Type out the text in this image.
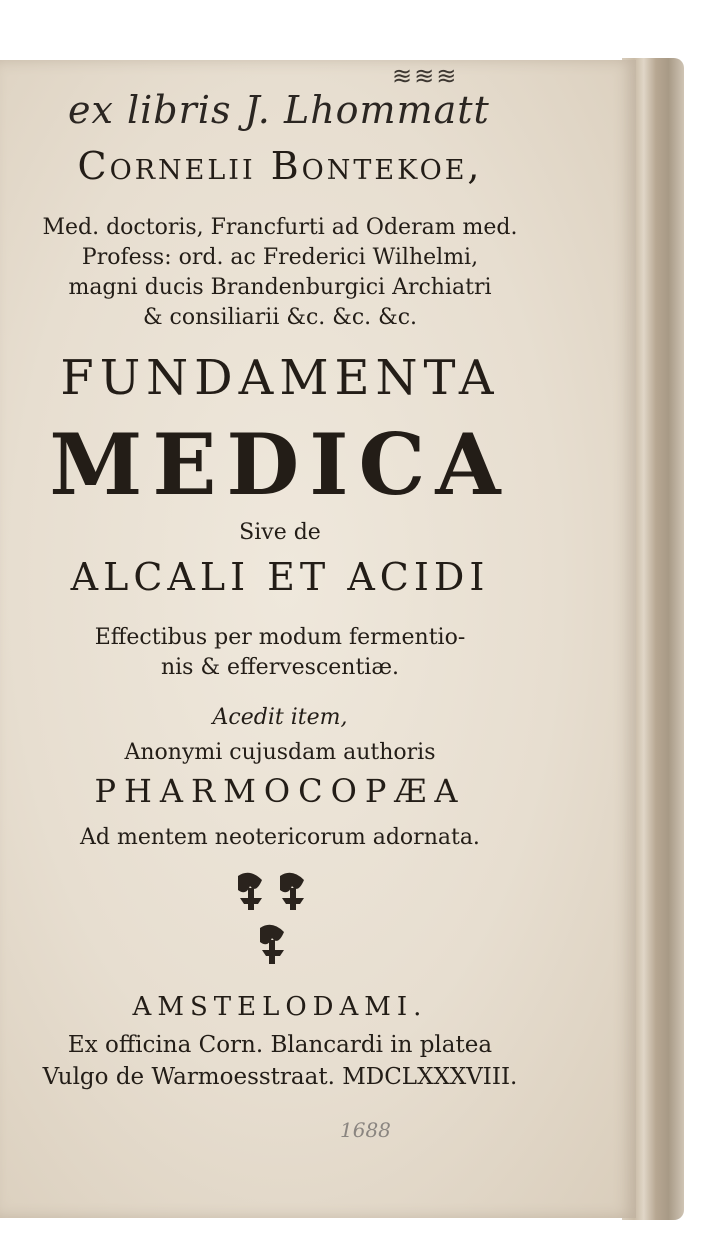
ex libris J. Lhommatt
≋≋≋
Cornelii Bontekoe,
Med. doctoris, Francfurti ad Oderam med.
Profess: ord. ac Frederici Wilhelmi,
magni ducis Brandenburgici Archiatri
& consiliarii &c. &c. &c.
FUNDAMENTA
MEDICA
Sive de
ALCALI ET ACIDI
Effectibus per modum fermentio-
nis & effervescentiæ.
Acedit item,
Anonymi cujusdam authoris
PHARMOCOPÆA
Ad mentem neotericorum adornata.
AMSTELODAMI.
Ex officina Corn. Blancardi in platea
Vulgo de Warmoesstraat. MDCLXXXVIII.
1688
